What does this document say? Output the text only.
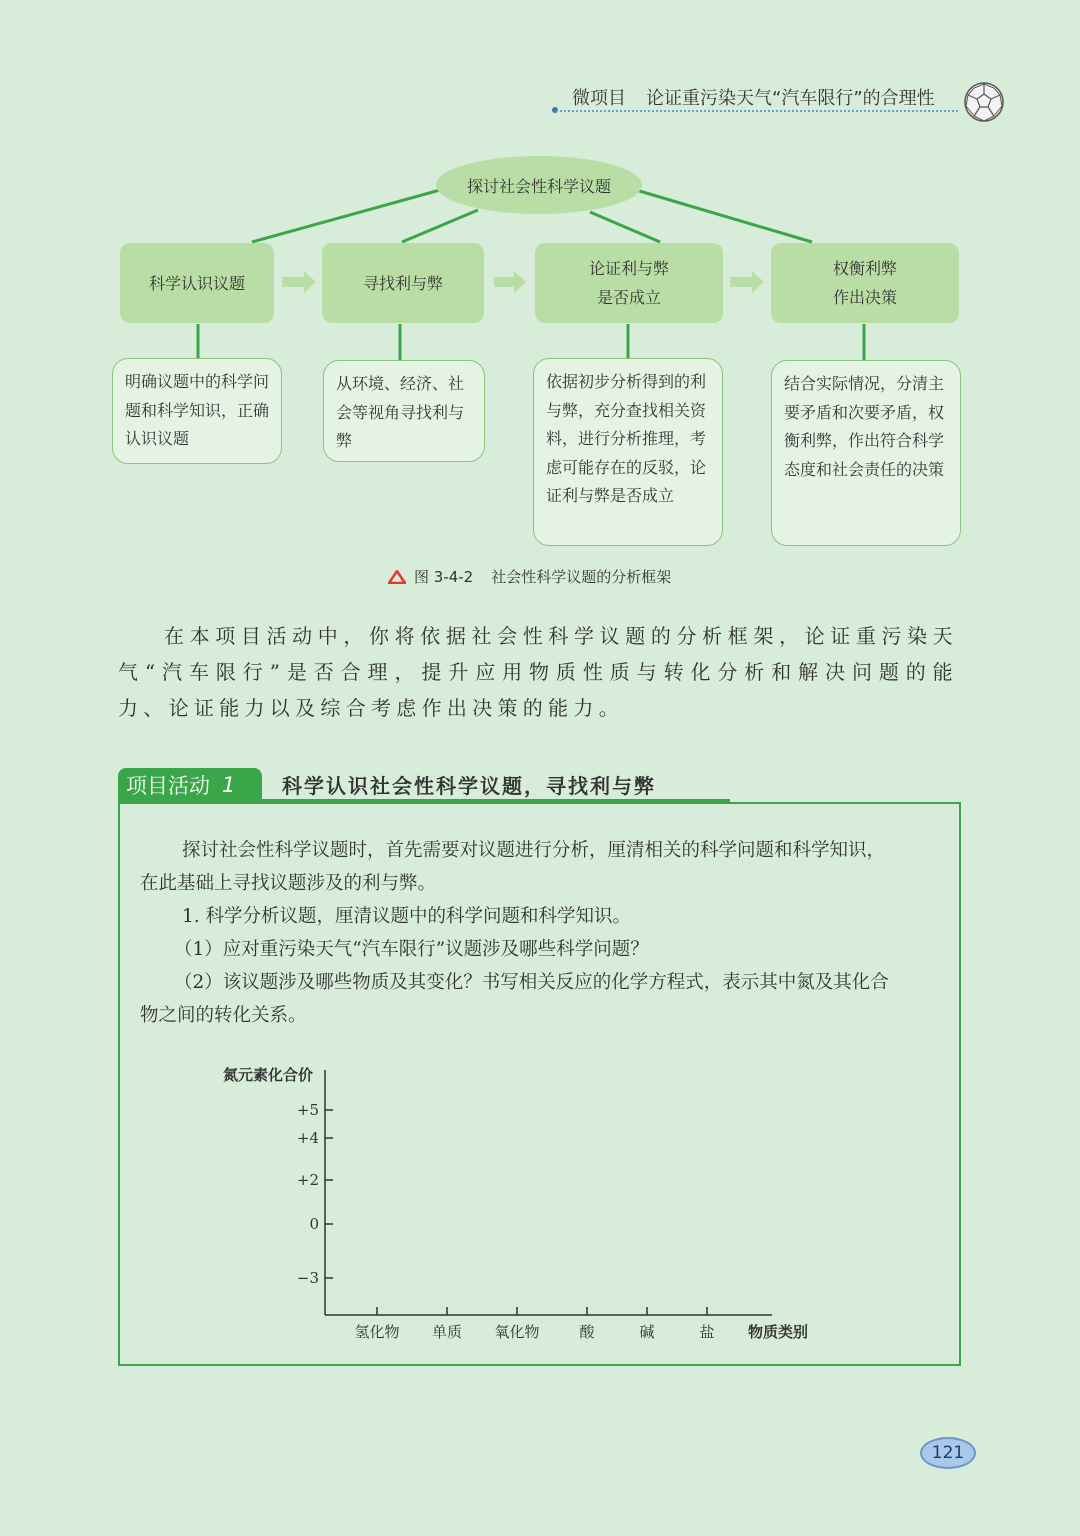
微项目 论证重污染天气“汽车限行”的合理性
探讨社会性科学议题
科学认识议题	寻找利与弊
论证利与弊
是否成立
权衡利弊
作出决策
明确议题中的科学问题和科学知识，正确认识议题
从环境、经济、社会等视角寻找利与弊
依据初步分析得到的利与弊，充分查找相关资料，进行分析推理，考虑可能存在的反驳，论证利与弊是否成立
结合实际情况，分清主要矛盾和次要矛盾，权衡利弊，作出符合科学态度和社会责任的决策
图 3-4-2 社会性科学议题的分析框架
在本项目活动中，你将依据社会性科学议题的分析框架，论证重污染天气“汽车限行”是否合理，提升应用物质性质与转化分析和解决问题的能力、论证能力以及综合考虑作出决策的能力。
项目活动 1 科学认识社会性科学议题，寻找利与弊
探讨社会性科学议题时，首先需要对议题进行分析，厘清相关的科学问题和科学知识，
在此基础上寻找议题涉及的利与弊。
1. 科学分析议题，厘清议题中的科学问题和科学知识。
（1）应对重污染天气“汽车限行”议题涉及哪些科学问题？
（2）该议题涉及哪些物质及其变化？书写相关反应的化学方程式，表示其中氮及其化合
物之间的转化关系。
氮元素化合价
物质类别
+5
+4
+2
0
−3
氢化物 单质 氧化物	酸	碱	盐
121
